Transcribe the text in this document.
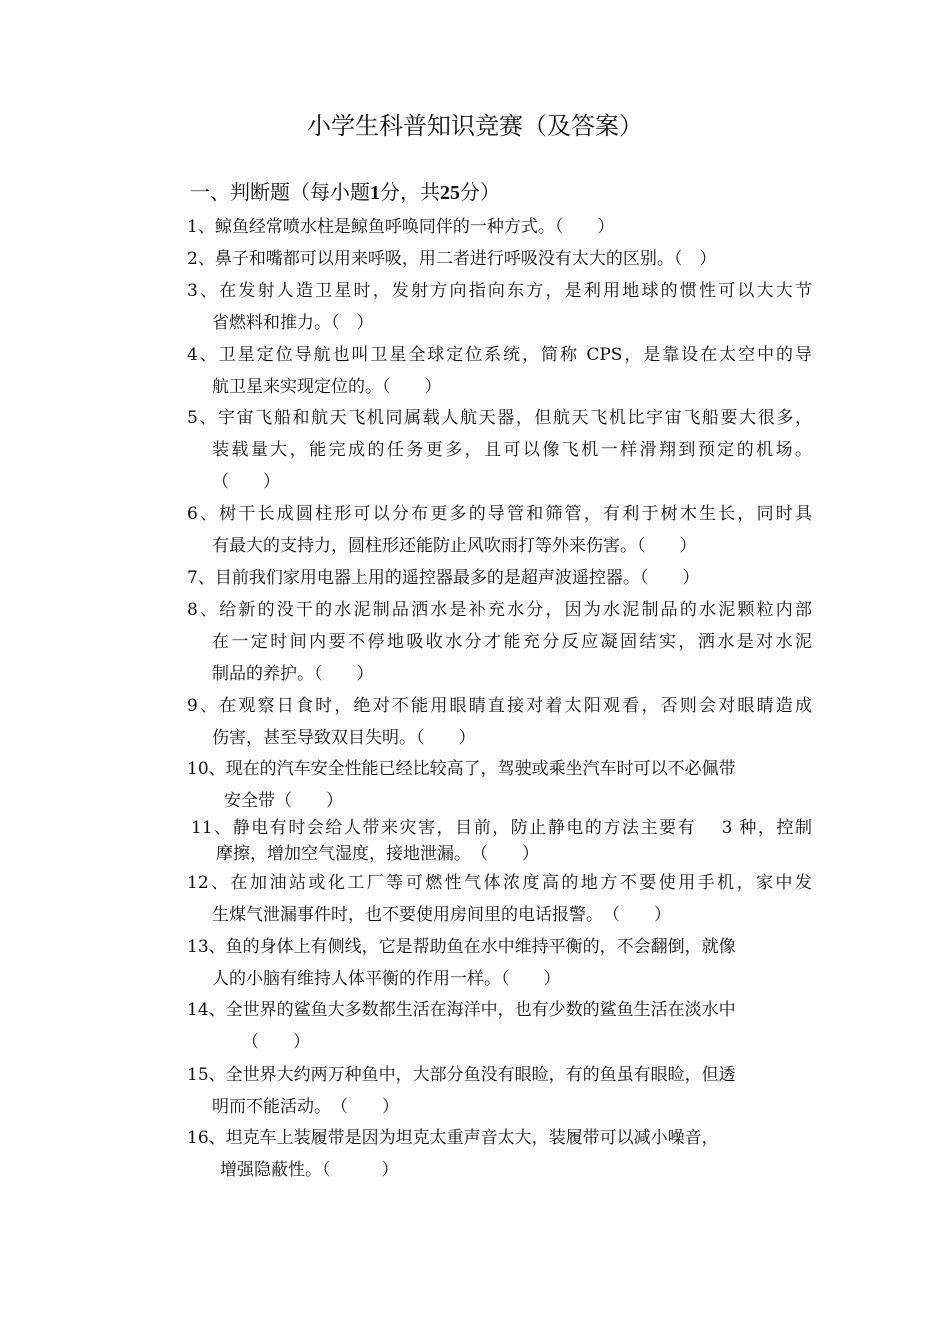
小学生科普知识竞赛（及答案）
一、判断题（每小题1分，共25分）
1、鲸鱼经常喷水柱是鲸鱼呼唤同伴的一种方式。（　　）
2、鼻子和嘴都可以用来呼吸，用二者进行呼吸没有太大的区别。（　）
3、在发射人造卫星时，发射方向指向东方，是利用地球的惯性可以大大节
省燃料和推力。（　）
4、卫星定位导航也叫卫星全球定位系统，简称 CPS，是靠设在太空中的导
航卫星来实现定位的。（　　）
5、宇宙飞船和航天飞机同属载人航天器，但航天飞机比宇宙飞船要大很多，
装载量大，能完成的任务更多，且可以像飞机一样滑翔到预定的机场。
（　　）
6、树干长成圆柱形可以分布更多的导管和筛管，有利于树木生长，同时具
有最大的支持力，圆柱形还能防止风吹雨打等外来伤害。（　　）
7、目前我们家用电器上用的遥控器最多的是超声波遥控器。（　　）
8、给新的没干的水泥制品洒水是补充水分，因为水泥制品的水泥颗粒内部
在一定时间内要不停地吸收水分才能充分反应凝固结实，洒水是对水泥
制品的养护。（　　）
9、在观察日食时，绝对不能用眼睛直接对着太阳观看，否则会对眼睛造成
伤害，甚至导致双目失明。（　　）
10、现在的汽车安全性能已经比较高了，驾驶或乘坐汽车时可以不必佩带
安全带（　　）
11、静电有时会给人带来灾害，目前，防止静电的方法主要有　 3 种，控制
摩擦，增加空气湿度，接地泄漏。　（　　）
12、在加油站或化工厂等可燃性气体浓度高的地方不要使用手机，家中发
生煤气泄漏事件时，也不要使用房间里的电话报警。　（　　）
13、鱼的身体上有侧线，它是帮助鱼在水中维持平衡的，不会翻倒，就像
人的小脑有维持人体平衡的作用一样。（　　）
14、全世界的鲨鱼大多数都生活在海洋中，也有少数的鲨鱼生活在淡水中
（　　）
15、全世界大约两万种鱼中，大部分鱼没有眼睑，有的鱼虽有眼睑，但透
明而不能活动。　（　　）
16、坦克车上装履带是因为坦克太重声音太大，装履带可以减小噪音，
增强隐蔽性。（　　　）
